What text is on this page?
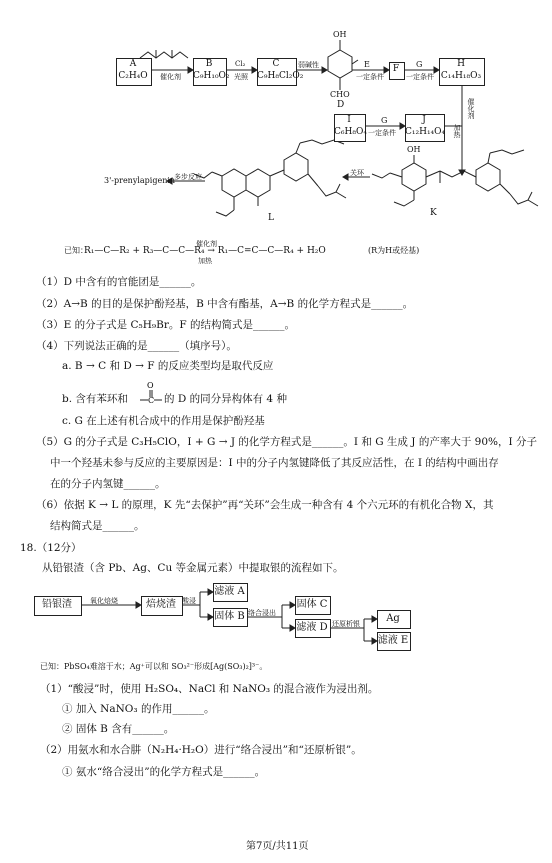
A
C₂H₄O
B
C₉H₁₀O₂
C
C₉H₈Cl₂O₂
F	H
C₁₄H₁₈O₃
I
C₆H₈O₄
J
C₁₂H₁₄O₄
催化剂
Cl₂
光照
弱碱性	E
一定条件
G
一定条件
G
一定条件	加热
催化剂
关环
多步反应
OH
CHO
D
OH
3'-prenylapigenin
L	K
已知：
催化剂
R₁—C—R₂ + R₃—C—C—R₄ → R₁—C=C—C—R₄ + H₂O
加热
(R为H或烃基)
（1）D 中含有的官能团是______。
（2）A→B 的目的是保护酚羟基，B 中含有酯基，A→B 的化学方程式是______。
（3）E 的分子式是 C₅H₉Br。F 的结构简式是______。
（4）下列说法正确的是______（填序号）。
a. B → C 和 D → F 的反应类型均是取代反应
b. 含有苯环和
O
C 的 D 的同分异构体有 4 种
c. G 在上述有机合成中的作用是保护酚羟基
（5）G 的分子式是 C₃H₅ClO，I + G → J 的化学方程式是______。I 和 G 生成 J 的产率大于 90%，I 分子
中一个羟基未参与反应的主要原因是：I 中的分子内氢键降低了其反应活性，在 I 的结构中画出存
在的分子内氢键______。
（6）依据 K → L 的原理，K 先“去保护”再“关环”会生成一种含有 4 个六元环的有机化合物 X，其
结构简式是______。
18.（12分）
从铅银渣（含 Pb、Ag、Cu 等金属元素）中提取银的流程如下。
铅银渣	氧化焙烧	焙烧渣 酸浸
滤液 A
固体 B 络合浸出
固体 C
滤液 D 还原析银	Ag
滤液 E
已知：PbSO₄难溶于水；Ag⁺可以和 SO₃²⁻形成[Ag(SO₃)₂]³⁻。
（1）“酸浸”时，使用 H₂SO₄、NaCl 和 NaNO₃ 的混合液作为浸出剂。
① 加入 NaNO₃ 的作用______。
② 固体 B 含有______。
（2）用氨水和水合肼（N₂H₄·H₂O）进行“络合浸出”和“还原析银”。
① 氨水“络合浸出”的化学方程式是______。
第7页/共11页
